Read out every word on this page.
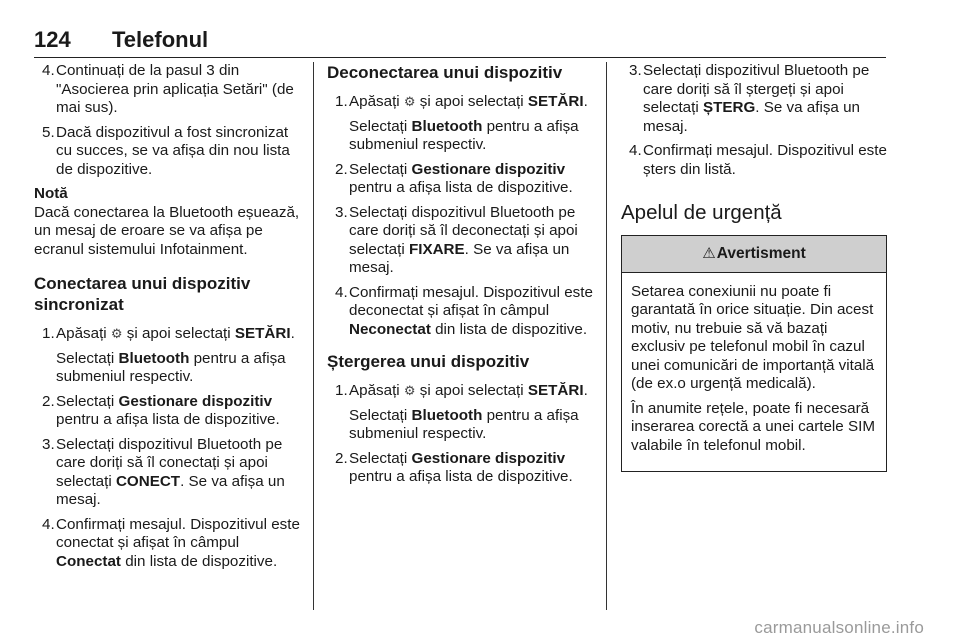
124 Telefonul
4. Continuați de la pasul 3 din "Asocierea prin aplicația Setări" (de mai sus).
5. Dacă dispozitivul a fost sincronizat cu succes, se va afișa din nou lista de dispozitive.
Notă
Dacă conectarea la Bluetooth eșuează, un mesaj de eroare se va afișa pe ecranul sistemului Infotainment.
Conectarea unui dispozitiv sincronizat
1. Apăsați ⚙ și apoi selectați SETĂRI.
Selectați Bluetooth pentru a afișa submeniul respectiv.
2. Selectați Gestionare dispozitiv pentru a afișa lista de dispozitive.
3. Selectați dispozitivul Bluetooth pe care doriți să îl conectați și apoi selectați CONECT. Se va afișa un mesaj.
4. Confirmați mesajul. Dispozitivul este conectat și afișat în câmpul Conectat din lista de dispozitive.
Deconectarea unui dispozitiv
1. Apăsați ⚙ și apoi selectați SETĂRI.
Selectați Bluetooth pentru a afișa submeniul respectiv.
2. Selectați Gestionare dispozitiv pentru a afișa lista de dispozitive.
3. Selectați dispozitivul Bluetooth pe care doriți să îl deconectați și apoi selectați FIXARE. Se va afișa un mesaj.
4. Confirmați mesajul. Dispozitivul este deconectat și afișat în câmpul Neconectat din lista de dispozitive.
Ștergerea unui dispozitiv
1. Apăsați ⚙ și apoi selectați SETĂRI.
Selectați Bluetooth pentru a afișa submeniul respectiv.
2. Selectați Gestionare dispozitiv pentru a afișa lista de dispozitive.
3. Selectați dispozitivul Bluetooth pe care doriți să îl ștergeți și apoi selectați ȘTERG. Se va afișa un mesaj.
4. Confirmați mesajul. Dispozitivul este șters din listă.
Apelul de urgență
⚠Avertisment

Setarea conexiunii nu poate fi garantată în orice situație. Din acest motiv, nu trebuie să vă bazați exclusiv pe telefonul mobil în cazul unei comunicări de importanță vitală (de ex.o urgență medicală).

În anumite rețele, poate fi necesară inserarea corectă a unei cartele SIM valabile în telefonul mobil.

carmanualsonline.info
